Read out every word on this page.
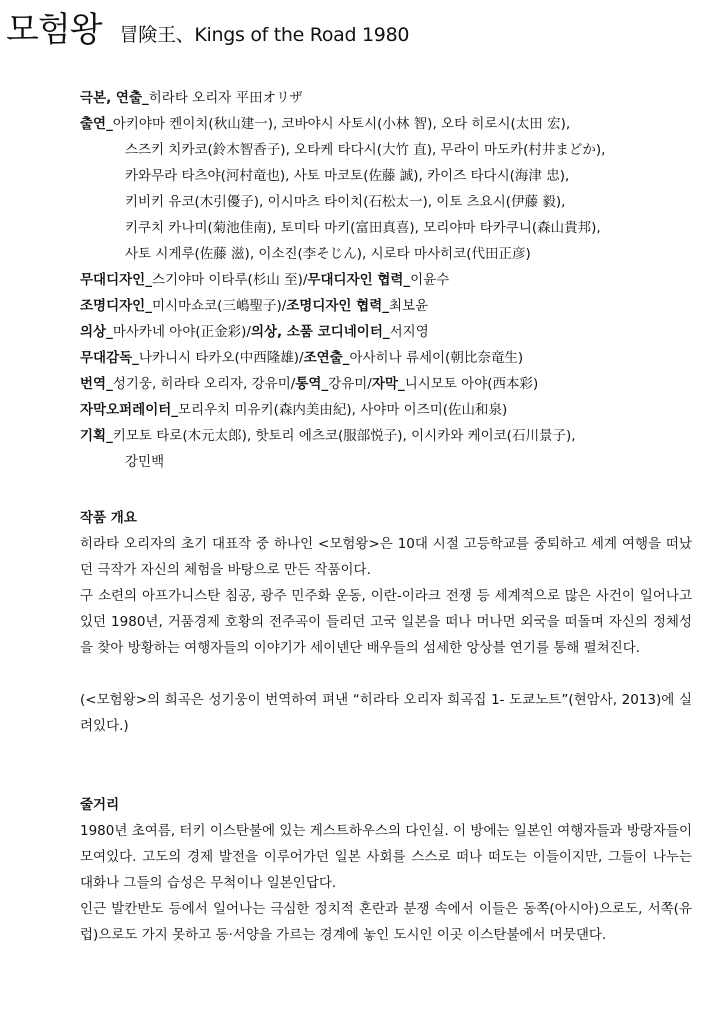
모험왕 冒険王、Kings of the Road 1980
극본, 연출_ 히라타 오리자 平田オリザ
출연_ 아키야마 켄이치(秋山建一), 코바야시 사토시(小林 智), 오타 히로시(太田 宏),
스즈키 치카코(鈴木智香子), 오타케 타다시(大竹 直), 무라이 마도카(村井まどか),
카와무라 타츠야(河村竜也), 사토 마코토(佐藤 誠), 카이즈 타다시(海津 忠),
키비키 유코(木引優子), 이시마츠 타이치(石松太一), 이토 츠요시(伊藤 毅),
키쿠치 카나미(菊池佳南), 토미타 마키(富田真喜), 모리야마 타카쿠니(森山貴邦),
사토 시게루(佐藤 滋), 이소진(李そじん), 시로타 마사히코(代田正彦)
무대디자인_ 스기야마 이타루(杉山 至)/ 무대디자인 협력_ 이윤수
조명디자인_ 미시마쇼코(三嶋聖子)/ 조명디자인 협력_ 최보윤
의상_ 마사카네 아야(正金彩)/ 의상, 소품 코디네이터_ 서지영
무대감독_ 나카니시 타카오(中西隆雄)/ 조연출_ 아사히나 류세이(朝比奈竜生)
번역_ 성기웅, 히라타 오리자, 강유미/ 통역_ 강유미/ 자막_ 니시모토 아야(西本彩)
자막오퍼레이터_ 모리우치 미유키(森内美由紀), 사야마 이즈미(佐山和泉)
기획_ 키모토 타로(木元太郎), 핫토리 에츠코(服部悦子), 이시카와 케이코(石川景子),
강민백
작품 개요

히라타 오리자의 초기 대표작 중 하나인 <모험왕>은 10대 시절 고등학교를 중퇴하고 세계 여행을 떠났던 극작가 자신의 체험을 바탕으로 만든 작품이다.

구 소련의 아프가니스탄 침공, 광주 민주화 운동, 이란-이라크 전쟁 등 세계적으로 많은 사건이 일어나고 있던 1980년, 거품경제 호황의 전주곡이 들리던 고국 일본을 떠나 머나먼 외국을 떠돌며 자신의 정체성을 찾아 방황하는 여행자들의 이야기가 세이넨단 배우들의 섬세한 앙상블 연기를 통해 펼쳐진다.

(<모험왕>의 희곡은 성기웅이 번역하여 펴낸 “히라타 오리자 희곡집 1- 도쿄노트”(현암사, 2013)에 실려있다.)

줄거리

1980년 초여름, 터키 이스탄불에 있는 게스트하우스의 다인실. 이 방에는 일본인 여행자들과 방랑자들이 모여있다. 고도의 경제 발전을 이루어가던 일본 사회를 스스로 떠나 떠도는 이들이지만, 그들이 나누는 대화나 그들의 습성은 무척이나 일본인답다.

인근 발칸반도 등에서 일어나는 극심한 정치적 혼란과 분쟁 속에서 이들은 동쪽(아시아)으로도, 서쪽(유럽)으로도 가지 못하고 동·서양을 가르는 경계에 놓인 도시인 이곳 이스탄불에서 머뭇댄다.
